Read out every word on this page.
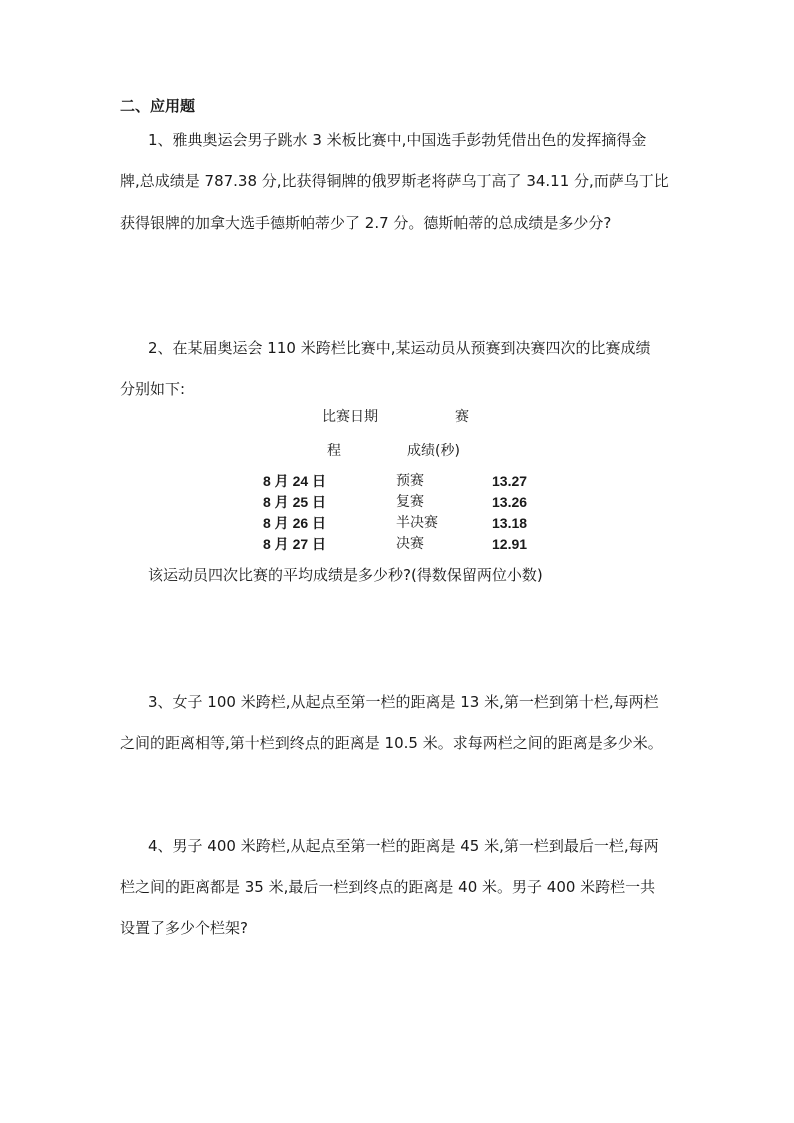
二、应用题
1、雅典奥运会男子跳水 3 米板比赛中,中国选手彭勃凭借出色的发挥摘得金
牌,总成绩是 787.38 分,比获得铜牌的俄罗斯老将萨乌丁高了 34.11 分,而萨乌丁比
获得银牌的加拿大选手德斯帕蒂少了 2.7 分。德斯帕蒂的总成绩是多少分?
2、在某届奥运会 110 米跨栏比赛中,某运动员从预赛到决赛四次的比赛成绩
分别如下:
比赛日期	赛
程	成绩(秒)
8 月 24 日	预赛	13.27
8 月 25 日	复赛	13.26
8 月 26 日	半决赛	13.18
8 月 27 日	决赛	12.91
该运动员四次比赛的平均成绩是多少秒?(得数保留两位小数)
3、女子 100 米跨栏,从起点至第一栏的距离是 13 米,第一栏到第十栏,每两栏
之间的距离相等,第十栏到终点的距离是 10.5 米。求每两栏之间的距离是多少米。
4、男子 400 米跨栏,从起点至第一栏的距离是 45 米,第一栏到最后一栏,每两
栏之间的距离都是 35 米,最后一栏到终点的距离是 40 米。男子 400 米跨栏一共
设置了多少个栏架?
